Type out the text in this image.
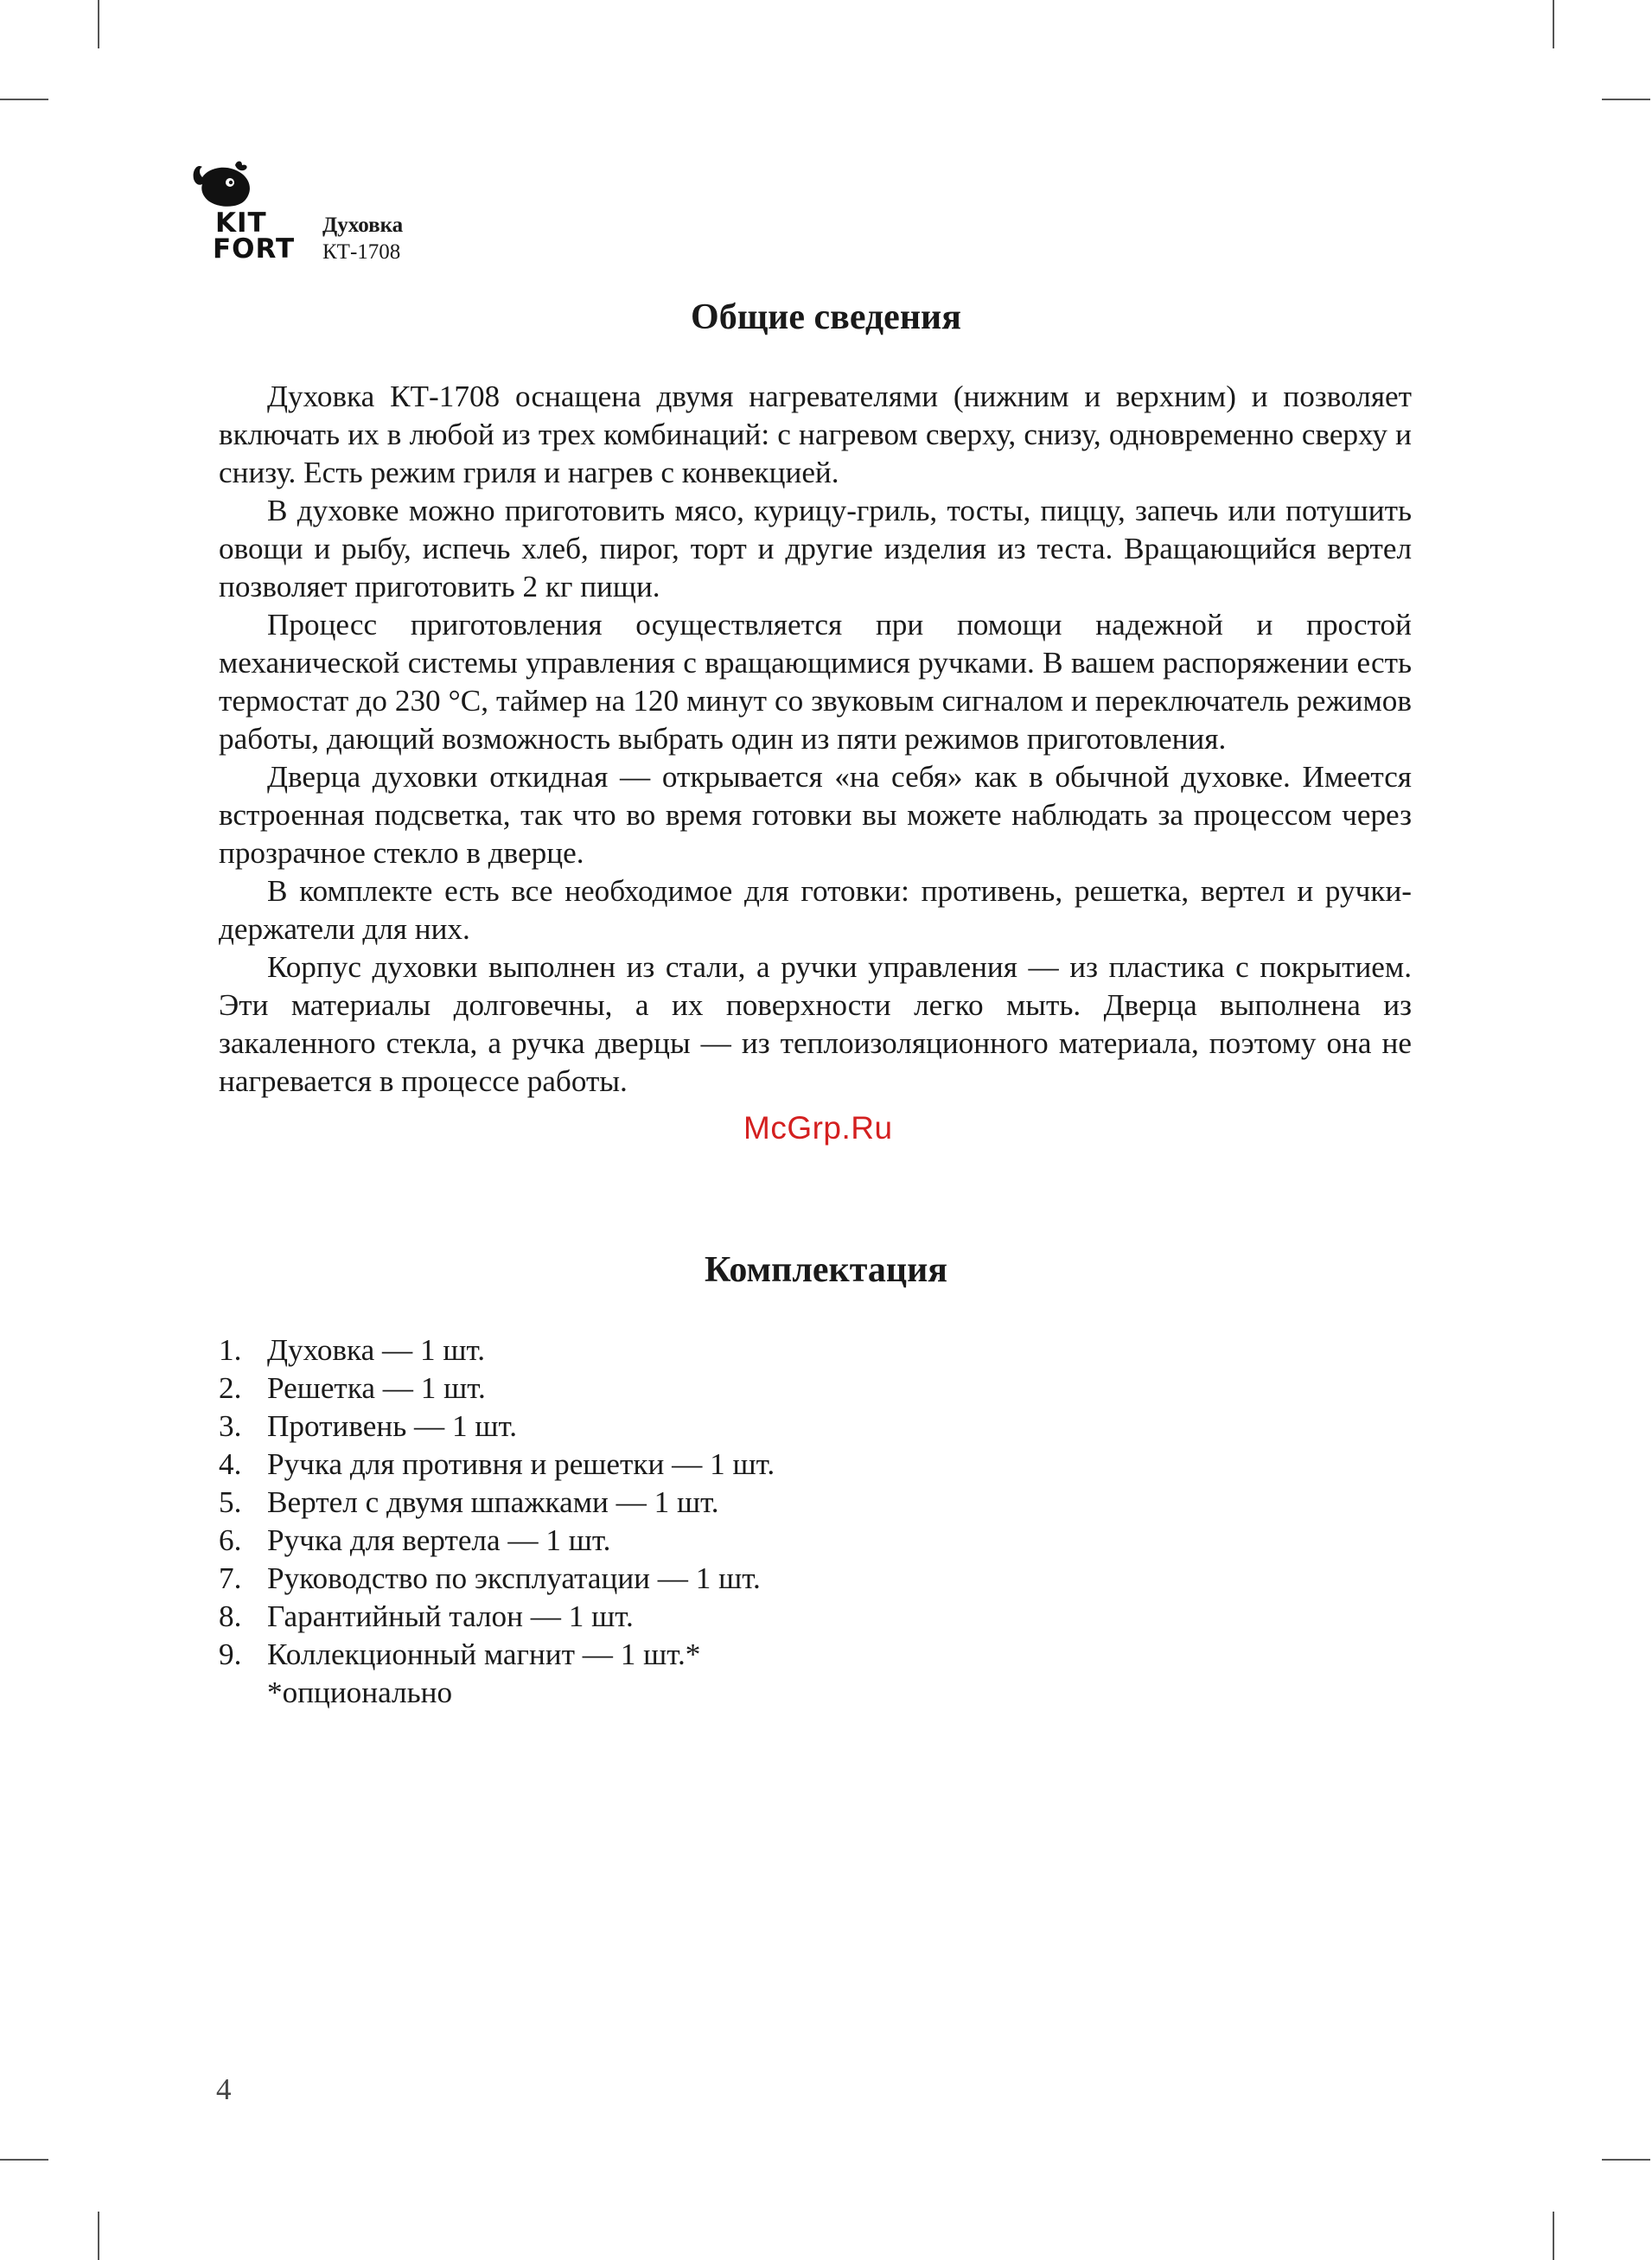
KIT
FORT
Духовка
КТ-1708
Общие сведения

Духовка КТ-1708 оснащена двумя нагревателями (нижним и верхним) и позволяет включать их в любой из трех комбинаций: с нагревом сверху, снизу, одновременно сверху и снизу. Есть режим гриля и нагрев с конвекцией.

В духовке можно приготовить мясо, курицу-гриль, тосты, пиццу, запечь или потушить овощи и рыбу, испечь хлеб, пирог, торт и другие изделия из теста. Вращающийся вертел позволяет приготовить 2 кг пищи.

Процесс приготовления осуществляется при помощи надежной и простой механической системы управления с вращающимися ручками. В вашем распоряжении есть термостат до 230 °С, таймер на 120 минут со звуковым сигналом и переключатель режимов работы, дающий возможность выбрать один из пяти режимов приготовления.

Дверца духовки откидная — открывается «на себя» как в обычной духовке. Имеется встроенная подсветка, так что во время готовки вы можете наблюдать за процессом через прозрачное стекло в дверце.

В комплекте есть все необходимое для готовки: противень, решетка, вертел и ручки-держатели для них.

Корпус духовки выполнен из стали, а ручки управления — из пластика с покрытием. Эти материалы долговечны, а их поверхности легко мыть. Дверца выполнена из закаленного стекла, а ручка дверцы — из теплоизоляционного материала, поэтому она не нагревается в процессе работы.

McGrp.Ru
Комплектация
1. Духовка — 1 шт.
2. Решетка — 1 шт.
3. Противень — 1 шт.
4. Ручка для противня и решетки — 1 шт.
5. Вертел с двумя шпажками — 1 шт.
6. Ручка для вертела — 1 шт.
7. Руководство по эксплуатации — 1 шт.
8. Гарантийный талон — 1 шт.
9. Коллекционный магнит — 1 шт.*
*опционально
4
